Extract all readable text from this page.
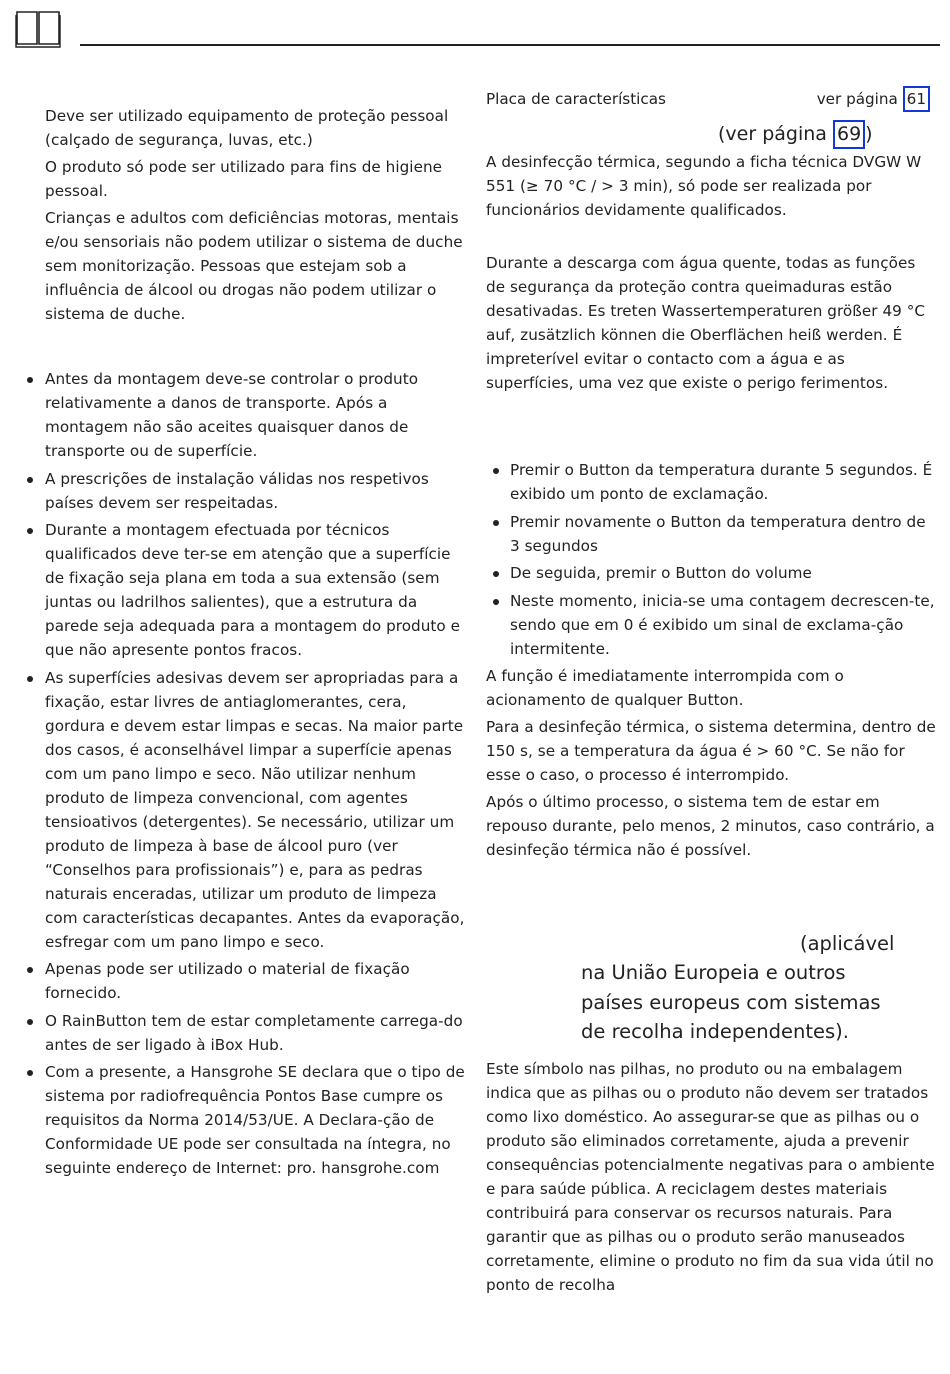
Deve ser utilizado equipamento de proteção pessoal (calçado de segurança, luvas, etc.)

O produto só pode ser utilizado para fins de higiene pessoal.

Crianças e adultos com deficiências motoras, mentais e/ou sensoriais não podem utilizar o sistema de duche sem monitorização. Pessoas que estejam sob a influência de álcool ou drogas não podem utilizar o sistema de duche.

Antes da montagem deve-se controlar o produto relativamente a danos de transporte. Após a montagem não são aceites quaisquer danos de transporte ou de superfície.
A prescrições de instalação válidas nos respetivos países devem ser respeitadas.
Durante a montagem efectuada por técnicos qualificados deve ter-se em atenção que a superfície de fixação seja plana em toda a sua extensão (sem juntas ou ladrilhos salientes), que a estrutura da parede seja adequada para a montagem do produto e que não apresente pontos fracos.
As superfícies adesivas devem ser apropriadas para a fixação, estar livres de antiaglomerantes, cera, gordura e devem estar limpas e secas. Na maior parte dos casos, é aconselhável limpar a superfície apenas com um pano limpo e seco. Não utilizar nenhum produto de limpeza convencional, com agentes tensioativos (detergentes). Se necessário, utilizar um produto de limpeza à base de álcool puro (ver “Conselhos para profissionais”) e, para as pedras naturais enceradas, utilizar um produto de limpeza com características decapantes. Antes da evaporação, esfregar com um pano limpo e seco.
Apenas pode ser utilizado o material de fixação fornecido.
O RainButton tem de estar completamente carrega-do antes de ser ligado à iBox Hub.
Com a presente, a Hansgrohe SE declara que o tipo de sistema por radiofrequência Pontos Base cumpre os requisitos da Norma 2014/53/UE. A Declara-ção de Conformidade UE pode ser consultada na íntegra, no seguinte endereço de Internet: pro. hansgrohe.com
Placa de características	ver página 61
(ver página 69 )

A desinfecção térmica, segundo a ficha técnica DVGW W 551 (≥ 70 °C / > 3 min), só pode ser realizada por funcionários devidamente qualificados.

Durante a descarga com água quente, todas as funções de segurança da proteção contra queimaduras estão desativadas. Es treten Wassertemperaturen größer 49 °C auf, zusätzlich können die Oberflächen heiß werden. É impreterível evitar o contacto com a água e as superfícies, uma vez que existe o perigo ferimentos.

Premir o Button da temperatura durante 5 segundos. É exibido um ponto de exclamação.
Premir novamente o Button da temperatura dentro de 3 segundos
De seguida, premir o Button do volume
Neste momento, inicia-se uma contagem decrescen-te, sendo que em 0 é exibido um sinal de exclama-ção intermitente.

A função é imediatamente interrompida com o acionamento de qualquer Button.

Para a desinfeção térmica, o sistema determina, dentro de 150 s, se a temperatura da água é > 60 °C. Se não for esse o caso, o processo é interrompido.

Após o último processo, o sistema tem de estar em repouso durante, pelo menos, 2 minutos, caso contrário, a desinfeção térmica não é possível.

(aplicável
na União Europeia e outros países europeus com sistemas de recolha independentes).

Este símbolo nas pilhas, no produto ou na embalagem indica que as pilhas ou o produto não devem ser tratados como lixo doméstico. Ao assegurar-se que as pilhas ou o produto são eliminados corretamente, ajuda a prevenir consequências potencialmente negativas para o ambiente e para saúde pública. A reciclagem destes materiais contribuirá para conservar os recursos naturais. Para garantir que as pilhas ou o produto serão manuseados corretamente, elimine o produto no fim da sua vida útil no ponto de recolha
